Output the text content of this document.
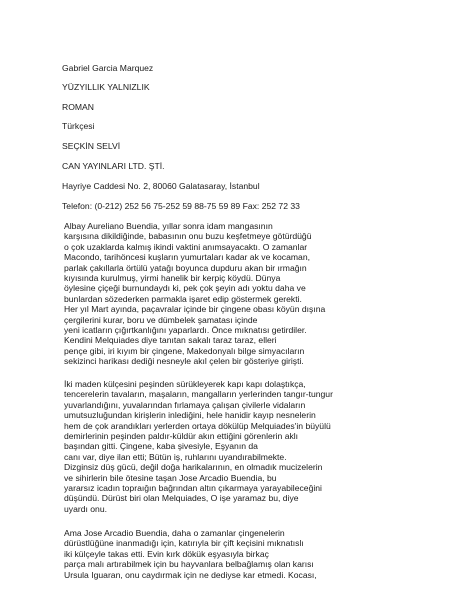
Gabriel Garcia Marquez
YÜZYILLIK YALNIZLIK
ROMAN
Türkçesi
SEÇKİN SELVİ
CAN YAYINLARI LTD. ŞTİ.
Hayriye Caddesi No. 2, 80060 Galatasaray, İstanbul
Telefon: (0-212) 252 56 75-252 59 88-75 59 89 Fax: 252 72 33
Albay Aureliano Buendia, yıllar sonra idam mangasının
karşısına dikildiğinde, babasının onu buzu keşfetmeye götürdüğü
o çok uzaklarda kalmış ikindi vaktini anımsayacaktı. O zamanlar
Macondo, tarihöncesi kuşların yumurtaları kadar ak ve kocaman,
parlak çakıllarla örtülü yatağı boyunca dupduru akan bir ırmağın
kıyısında kurulmuş, yirmi hanelik bir kerpiç köydü. Dünya
öylesine çiçeği burnundaydı ki, pek çok şeyin adı yoktu daha ve
bunlardan sözederken parmakla işaret edip göstermek gerekti.
Her yıl Mart ayında, paçavralar içinde bir çingene obası köyün dışına
çergilerini kurar, boru ve dümbelek şamatası içinde
yeni icatların çığırtkanlığını yaparlardı. Önce mıknatısı getirdiler.
Kendini Melquiades diye tanıtan sakalı taraz taraz, elleri
pençe gibi, iri kıyım bir çingene, Makedonyalı bilge simyacıların
sekizinci harikası dediği nesneyle akıl çelen bir gösteriye girişti.
İki maden külçesini peşinden sürükleyerek kapı kapı dolaştıkça,
tencerelerin tavaların, maşaların, mangalların yerlerinden tangır-tungur
yuvarlandığını, yuvalarından fırlamaya çalışan çivilerle vidaların
umutsuzluğundan kirişlerin inlediğini, hele hanidir kayıp nesnelerin
hem de çok arandıkları yerlerden ortaya dökülüp Melquiades'in büyülü
demirlerinin peşinden paldır-küldür akın ettiğini görenlerin aklı
başından gitti. Çingene, kaba şivesiyle, Eşyanın da
canı var, diye ilan etti; Bütün iş, ruhlarını uyandırabilmekte.
Dizginsiz düş gücü, değil doğa harikalarının, en olmadık mucizelerin
ve sihirlerin bile ötesine taşan Jose Arcadio Buendia, bu
yararsız icadın topraığın bağrından altın çıkarmaya yarayabileceğini
düşündü. Dürüst biri olan Melquiades, O işe yaramaz bu, diye
uyardı onu.
Ama Jose Arcadio Buendia, daha o zamanlar çingenelerin
dürüstlüğüne inanmadığı için, katırıyla bir çift keçisini mıknatıslı
iki külçeyle takas etti. Evin kırk dökük eşyasıyla birkaç
parça malı artırabilmek için bu hayvanlara belbağlamış olan karısı
Ursula Iguaran, onu caydırmak için ne dediyse kar etmedi. Kocası,
